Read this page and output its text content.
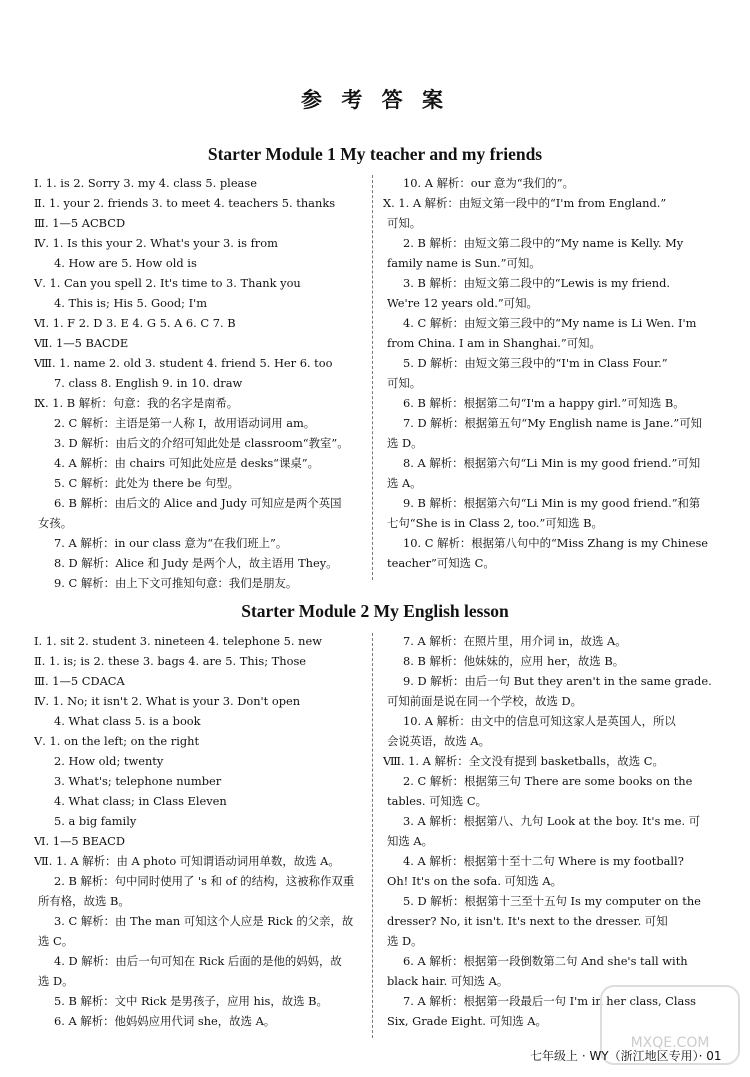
参 考 答 案
Starter Module 1 My teacher and my friends
Ⅰ. 1. is 2. Sorry 3. my 4. class 5. please
Ⅱ. 1. your 2. friends 3. to meet 4. teachers 5. thanks
Ⅲ. 1—5 ACBCD
Ⅳ. 1. Is this your 2. What's your 3. is from
4. How are 5. How old is
Ⅴ. 1. Can you spell 2. It's time to 3. Thank you
4. This is; His 5. Good; I'm
Ⅵ. 1. F 2. D 3. E 4. G 5. A 6. C 7. B
Ⅶ. 1—5 BACDE
Ⅷ. 1. name 2. old 3. student 4. friend 5. Her 6. too
7. class 8. English 9. in 10. draw
Ⅸ. 1. B 解析：句意：我的名字是南希。
2. C 解析：主语是第一人称 I，故用语动词用 am。
3. D 解析：由后文的介绍可知此处是 classroom“教室”。
4. A 解析：由 chairs 可知此处应是 desks“课桌”。
5. C 解析：此处为 there be 句型。
6. B 解析：由后文的 Alice and Judy 可知应是两个英国
女孩。
7. A 解析：in our class 意为“在我们班上”。
8. D 解析：Alice 和 Judy 是两个人，故主语用 They。
9. C 解析：由上下文可推知句意：我们是朋友。
10. A 解析：our 意为“我们的”。
Ⅹ. 1. A 解析：由短文第一段中的“I'm from England.”
可知。
2. B 解析：由短文第二段中的“My name is Kelly. My
family name is Sun.”可知。
3. B 解析：由短文第二段中的“Lewis is my friend.
We're 12 years old.”可知。
4. C 解析：由短文第三段中的“My name is Li Wen. I'm
from China. I am in Shanghai.”可知。
5. D 解析：由短文第三段中的“I'm in Class Four.”
可知。
6. B 解析：根据第二句“I'm a happy girl.”可知选 B。
7. D 解析：根据第五句“My English name is Jane.”可知
选 D。
8. A 解析：根据第六句“Li Min is my good friend.”可知
选 A。
9. B 解析：根据第六句“Li Min is my good friend.”和第
七句“She is in Class 2, too.”可知选 B。
10. C 解析：根据第八句中的“Miss Zhang is my Chinese
teacher”可知选 C。
Starter Module 2 My English lesson
Ⅰ. 1. sit 2. student 3. nineteen 4. telephone 5. new
Ⅱ. 1. is; is 2. these 3. bags 4. are 5. This; Those
Ⅲ. 1—5 CDACA
Ⅳ. 1. No; it isn't 2. What is your 3. Don't open
4. What class 5. is a book
Ⅴ. 1. on the left; on the right
2. How old; twenty
3. What's; telephone number
4. What class; in Class Eleven
5. a big family
Ⅵ. 1—5 BEACD
Ⅶ. 1. A 解析：由 A photo 可知谓语动词用单数，故选 A。
2. B 解析：句中同时使用了 's 和 of 的结构，这被称作双重
所有格，故选 B。
3. C 解析：由 The man 可知这个人应是 Rick 的父亲，故
选 C。
4. D 解析：由后一句可知在 Rick 后面的是他的妈妈，故
选 D。
5. B 解析：文中 Rick 是男孩子，应用 his，故选 B。
6. A 解析：他妈妈应用代词 she，故选 A。
7. A 解析：在照片里，用介词 in，故选 A。
8. B 解析：他妹妹的，应用 her，故选 B。
9. D 解析：由后一句 But they aren't in the same grade.
可知前面是说在同一个学校，故选 D。
10. A 解析：由文中的信息可知这家人是英国人，所以
会说英语，故选 A。
Ⅷ. 1. A 解析：全文没有提到 basketballs，故选 C。
2. C 解析：根据第三句 There are some books on the
tables. 可知选 C。
3. A 解析：根据第八、九句 Look at the boy. It's me. 可
知选 A。
4. A 解析：根据第十至十二句 Where is my football?
Oh! It's on the sofa. 可知选 A。
5. D 解析：根据第十三至十五句 Is my computer on the
dresser? No, it isn't. It's next to the dresser. 可知
选 D。
6. A 解析：根据第一段倒数第二句 And she's tall with
black hair. 可知选 A。
7. A 解析：根据第一段最后一句 I'm in her class, Class
Six, Grade Eight. 可知选 A。
MXQE.COM
七年级上 · WY（浙江地区专用）· 01
